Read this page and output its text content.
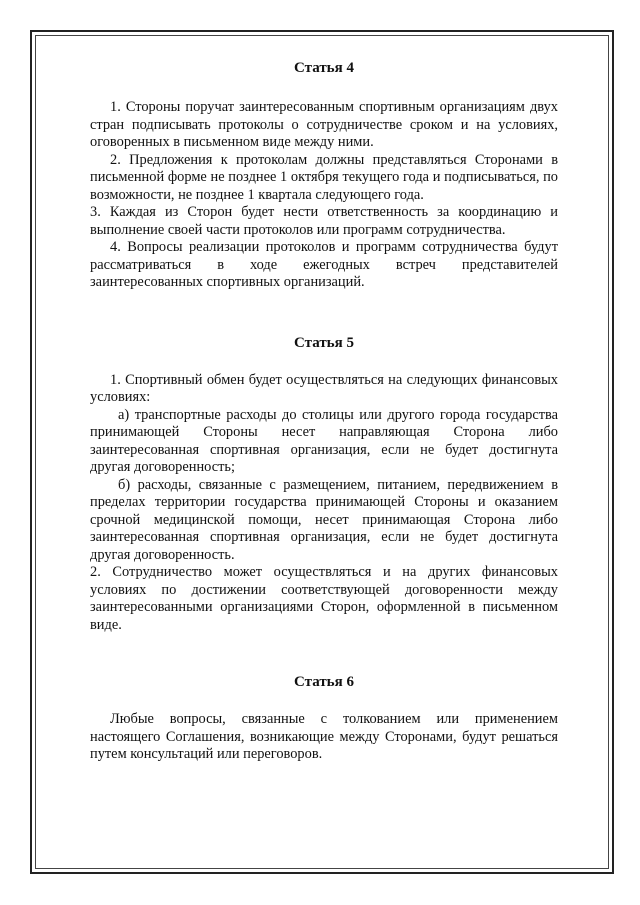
Статья 4

1. Стороны поручат заинтересованным спортивным организациям двух стран подписывать протоколы о сотрудничестве сроком и на условиях, оговоренных в письменном виде между ними.

2. Предложения к протоколам должны представляться Сторонами в письменной форме не позднее 1 октября текущего года и подписываться, по возможности, не позднее 1 квартала следующего года.

3. Каждая из Сторон будет нести ответственность за координацию и выполнение своей части протоколов или программ сотрудничества.

4. Вопросы реализации протоколов и программ сотрудничества будут рассматриваться в ходе ежегодных встреч представителей заинтересованных спортивных организаций.

Статья 5

1. Спортивный обмен будет осуществляться на следующих финансовых условиях:

а) транспортные расходы до столицы или другого города государства принимающей Стороны несет направляющая Сторона либо заинтересованная спортивная организация, если не будет достигнута другая договоренность;

б) расходы, связанные с размещением, питанием, передвижением в пределах территории государства принимающей Стороны и оказанием срочной медицинской помощи, несет принимающая Сторона либо заинтересованная спортивная организация, если не будет достигнута другая договоренность.

2. Сотрудничество может осуществляться и на других финансовых условиях по достижении соответствующей договоренности между заинтересованными организациями Сторон, оформленной в письменном виде.

Статья 6

Любые вопросы, связанные с толкованием или применением настоящего Соглашения, возникающие между Сторонами, будут решаться путем консультаций или переговоров.
